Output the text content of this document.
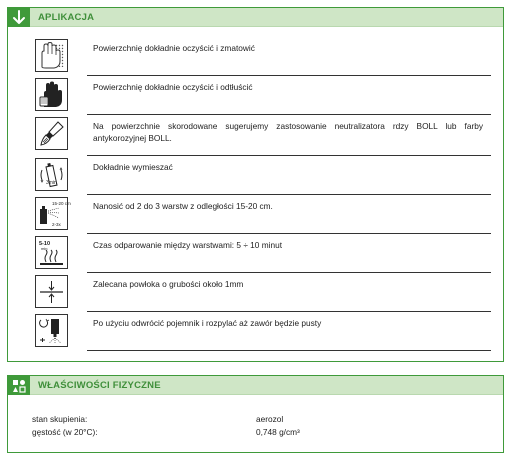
APLIKACJA
Powierzchnię dokładnie oczyścić i zmatowić
Powierzchnię dokładnie oczyścić i odtłuścić
Na powierzchnie skorodowane sugerujemy zastosowanie neutralizatora rdzy BOLL lub farby antykorozyjnej BOLL.
3min
Dokładnie wymieszać
15-20 cm
2-3x
Nanosić od 2 do 3 warstw z odległości 15-20 cm.
5-10
min	Czas odparowanie między warstwami: 5 ÷ 10 minut
Zalecana powłoka o grubości około 1mm
Po użyciu odwrócić pojemnik i rozpylać aż zawór będzie pusty
WŁAŚCIWOŚCI FIZYCZNE
stan skupienia:	aerozol
gęstość (w 20°C):	0,748 g/cm³
